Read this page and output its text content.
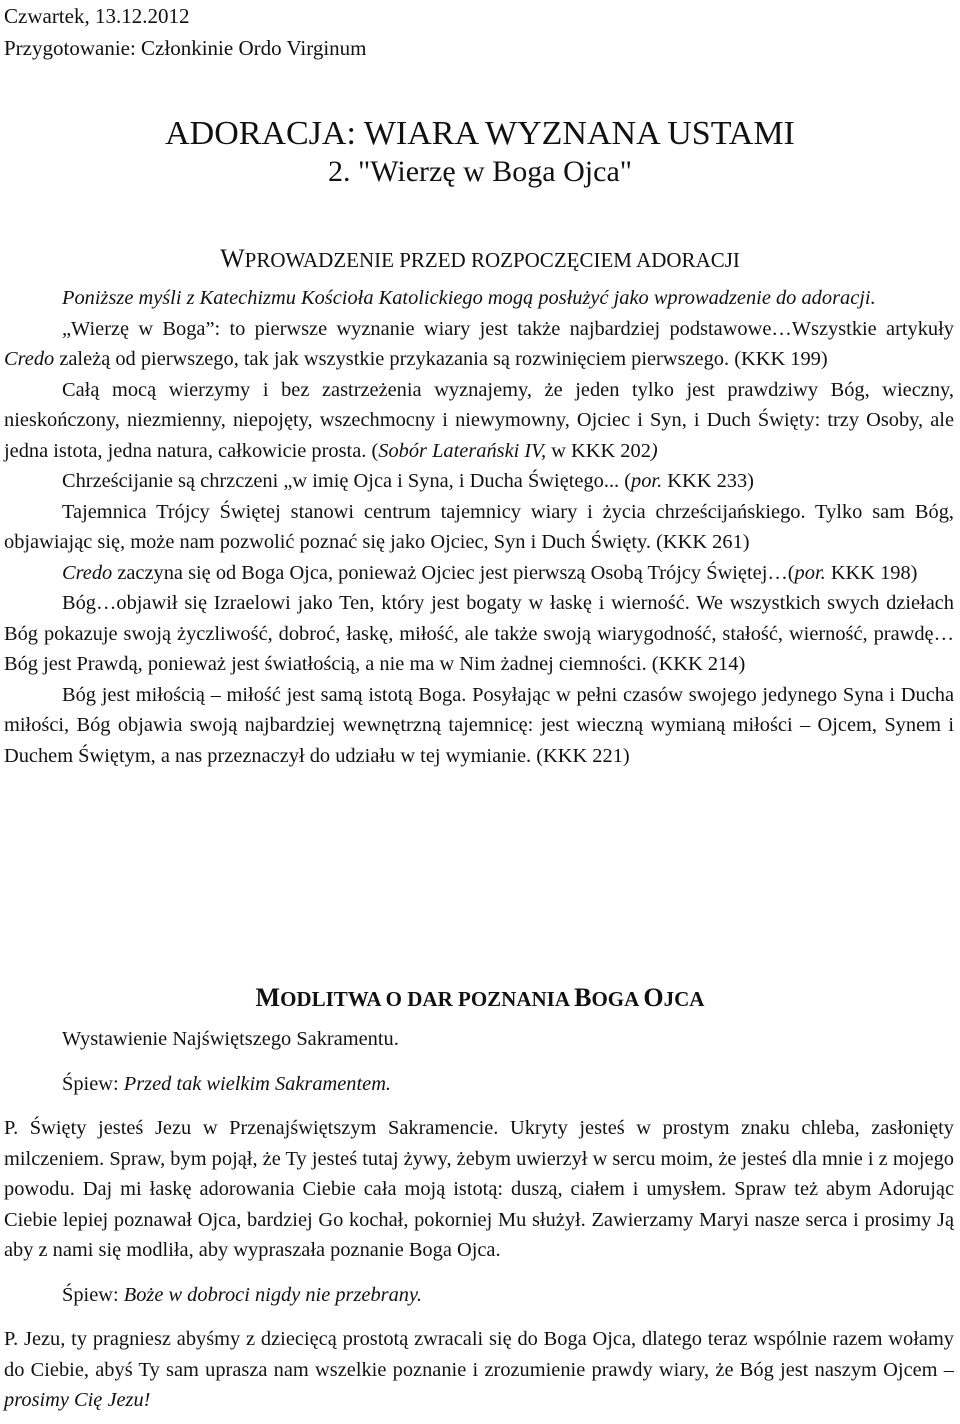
Czwartek, 13.12.2012
Przygotowanie: Członkinie Ordo Virginum
ADORACJA: WIARA WYZNANA USTAMI
2. "Wierzę w Boga Ojca"
WPROWADZENIE PRZED ROZPOCZĘCIEM ADORACJI

Poniższe myśli z Katechizmu Kościoła Katolickiego mogą posłużyć jako wprowadzenie do adoracji.

„Wierzę w Boga”: to pierwsze wyznanie wiary jest także najbardziej podstawowe…Wszystkie artykuły Credo zależą od pierwszego, tak jak wszystkie przykazania są rozwinięciem pierwszego. (KKK 199)

Całą mocą wierzymy i bez zastrzeżenia wyznajemy, że jeden tylko jest prawdziwy Bóg, wieczny, nieskończony, niezmienny, niepojęty, wszechmocny i niewymowny, Ojciec i Syn, i Duch Święty: trzy Osoby, ale jedna istota, jedna natura, całkowicie prosta. (Sobór Laterański IV, w KKK 202)

Chrześcijanie są chrzczeni „w imię Ojca i Syna, i Ducha Świętego... (por. KKK 233)

Tajemnica Trójcy Świętej stanowi centrum tajemnicy wiary i życia chrześcijańskiego. Tylko sam Bóg, objawiając się, może nam pozwolić poznać się jako Ojciec, Syn i Duch Święty. (KKK 261)

Credo zaczyna się od Boga Ojca, ponieważ Ojciec jest pierwszą Osobą Trójcy Świętej…(por. KKK 198)

Bóg…objawił się Izraelowi jako Ten, który jest bogaty w łaskę i wierność. We wszystkich swych dziełach Bóg pokazuje swoją życzliwość, dobroć, łaskę, miłość, ale także swoją wiarygodność, stałość, wierność, prawdę…Bóg jest Prawdą, ponieważ jest światłością, a nie ma w Nim żadnej ciemności. (KKK 214)

Bóg jest miłością – miłość jest samą istotą Boga. Posyłając w pełni czasów swojego jedynego Syna i Ducha miłości, Bóg objawia swoją najbardziej wewnętrzną tajemnicę: jest wieczną wymianą miłości – Ojcem, Synem i Duchem Świętym, a nas przeznaczył do udziału w tej wymianie. (KKK 221)

MODLITWA O DAR POZNANIA BOGA OJCA

Wystawienie Najświętszego Sakramentu.

Śpiew: Przed tak wielkim Sakramentem.

P. Święty jesteś Jezu w Przenajświętszym Sakramencie. Ukryty jesteś w prostym znaku chleba, zasłonięty milczeniem. Spraw, bym pojął, że Ty jesteś tutaj żywy, żebym uwierzył w sercu moim, że jesteś dla mnie i z mojego powodu. Daj mi łaskę adorowania Ciebie cała moją istotą: duszą, ciałem i umysłem. Spraw też abym Adorując Ciebie lepiej poznawał Ojca, bardziej Go kochał, pokorniej Mu służył. Zawierzamy Maryi nasze serca i prosimy Ją aby z nami się modliła, aby wypraszała poznanie Boga Ojca.

Śpiew: Boże w dobroci nigdy nie przebrany.

P. Jezu, ty pragniesz abyśmy z dziecięcą prostotą zwracali się do Boga Ojca, dlatego teraz wspólnie razem wołamy do Ciebie, abyś Ty sam uprasza nam wszelkie poznanie i zrozumienie prawdy wiary, że Bóg jest naszym Ojcem – prosimy Cię Jezu!
